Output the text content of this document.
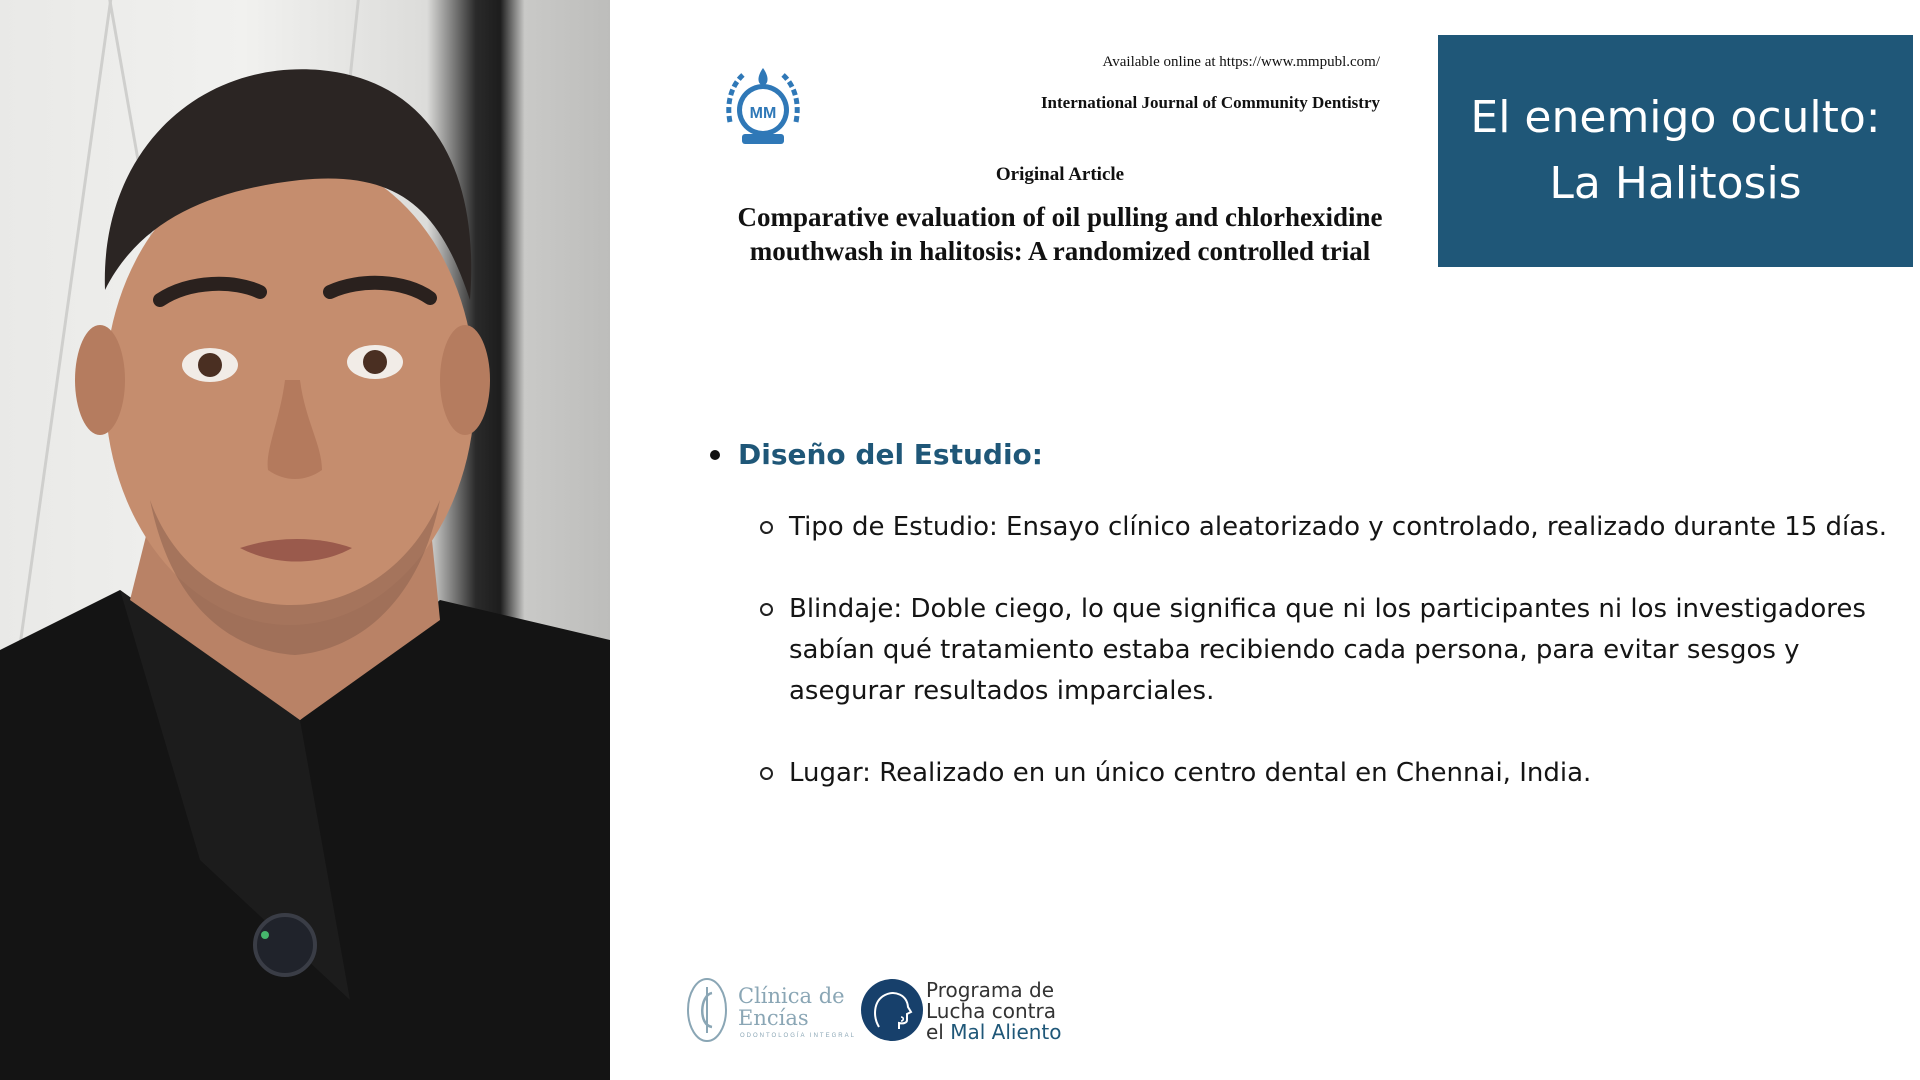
MM
Available online at https://www.mmpubl.com/
International Journal of Community Dentistry
Original Article
Comparative evaluation of oil pulling and chlorhexidine
mouthwash in halitosis: A randomized controlled trial
El enemigo oculto:
La Halitosis
Diseño del Estudio:
Tipo de Estudio: Ensayo clínico aleatorizado y controlado, realizado durante 15 días.
Blindaje: Doble ciego, lo que significa que ni los participantes ni los investigadores sabían qué tratamiento estaba recibiendo cada persona, para evitar sesgos y asegurar resultados imparciales.
Lugar: Realizado en un único centro dental en Chennai, India.
Clínica de
Encías
ODONTOLOGÍA INTEGRAL
Programa de
Lucha contra
el Mal Aliento
